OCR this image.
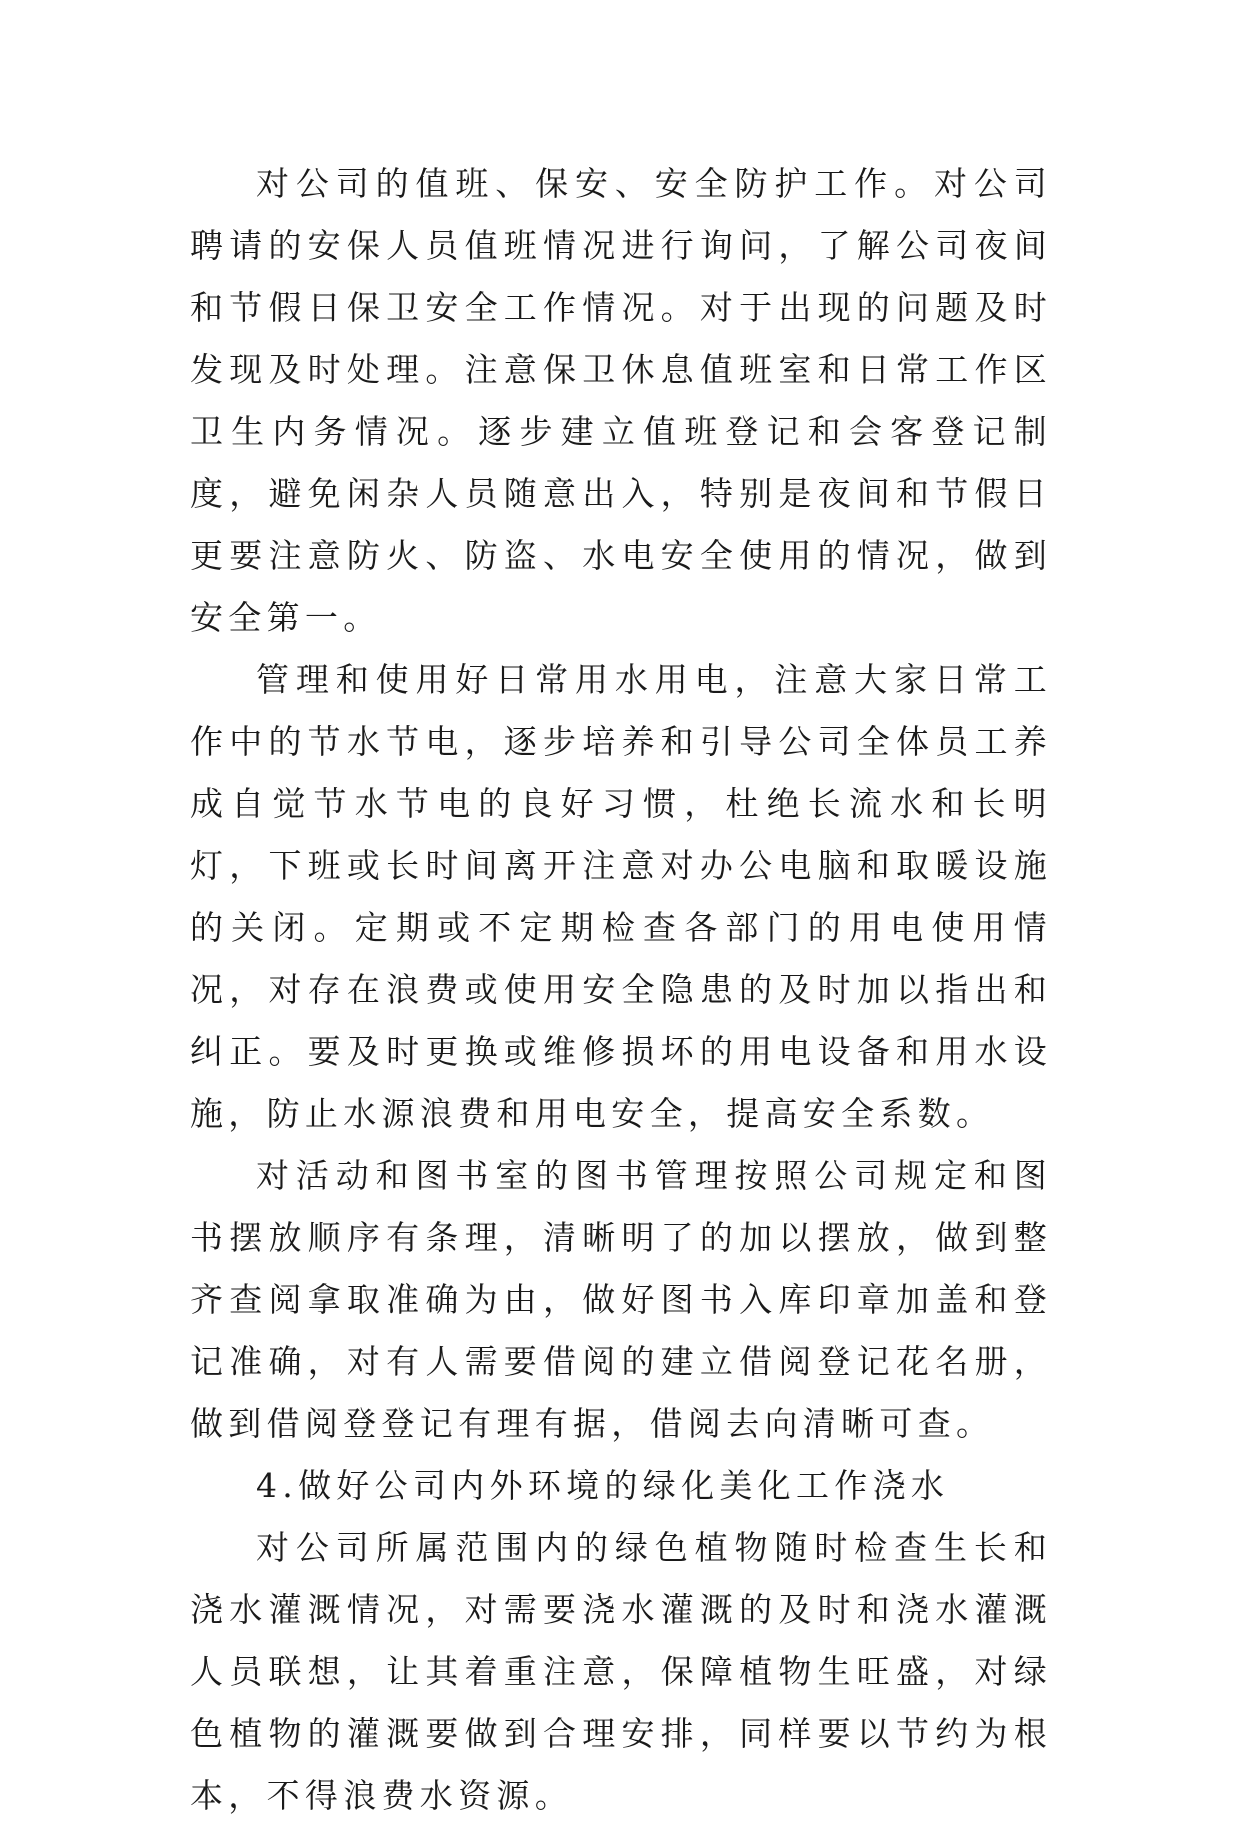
对公司的值班、保安、安全防护工作。对公司聘请的安保人员值班情况进行询问，了解公司夜间和节假日保卫安全工作情况。对于出现的问题及时发现及时处理。注意保卫休息值班室和日常工作区卫生内务情况。逐步建立值班登记和会客登记制度，避免闲杂人员随意出入，特别是夜间和节假日更要注意防火、防盗、水电安全使用的情况，做到安全第一。

管理和使用好日常用水用电，注意大家日常工作中的节水节电，逐步培养和引导公司全体员工养成自觉节水节电的良好习惯，杜绝长流水和长明灯，下班或长时间离开注意对办公电脑和取暖设施的关闭。定期或不定期检查各部门的用电使用情况，对存在浪费或使用安全隐患的及时加以指出和纠正。要及时更换或维修损坏的用电设备和用水设施，防止水源浪费和用电安全，提高安全系数。

对活动和图书室的图书管理按照公司规定和图书摆放顺序有条理，清晰明了的加以摆放，做到整齐查阅拿取准确为由，做好图书入库印章加盖和登记准确，对有人需要借阅的建立借阅登记花名册，做到借阅登登记有理有据，借阅去向清晰可查。

4.做好公司内外环境的绿化美化工作浇水

对公司所属范围内的绿色植物随时检查生长和浇水灌溉情况，对需要浇水灌溉的及时和浇水灌溉人员联想，让其着重注意，保障植物生旺盛，对绿色植物的灌溉要做到合理安排，同样要以节约为根本，不得浪费水资源。
